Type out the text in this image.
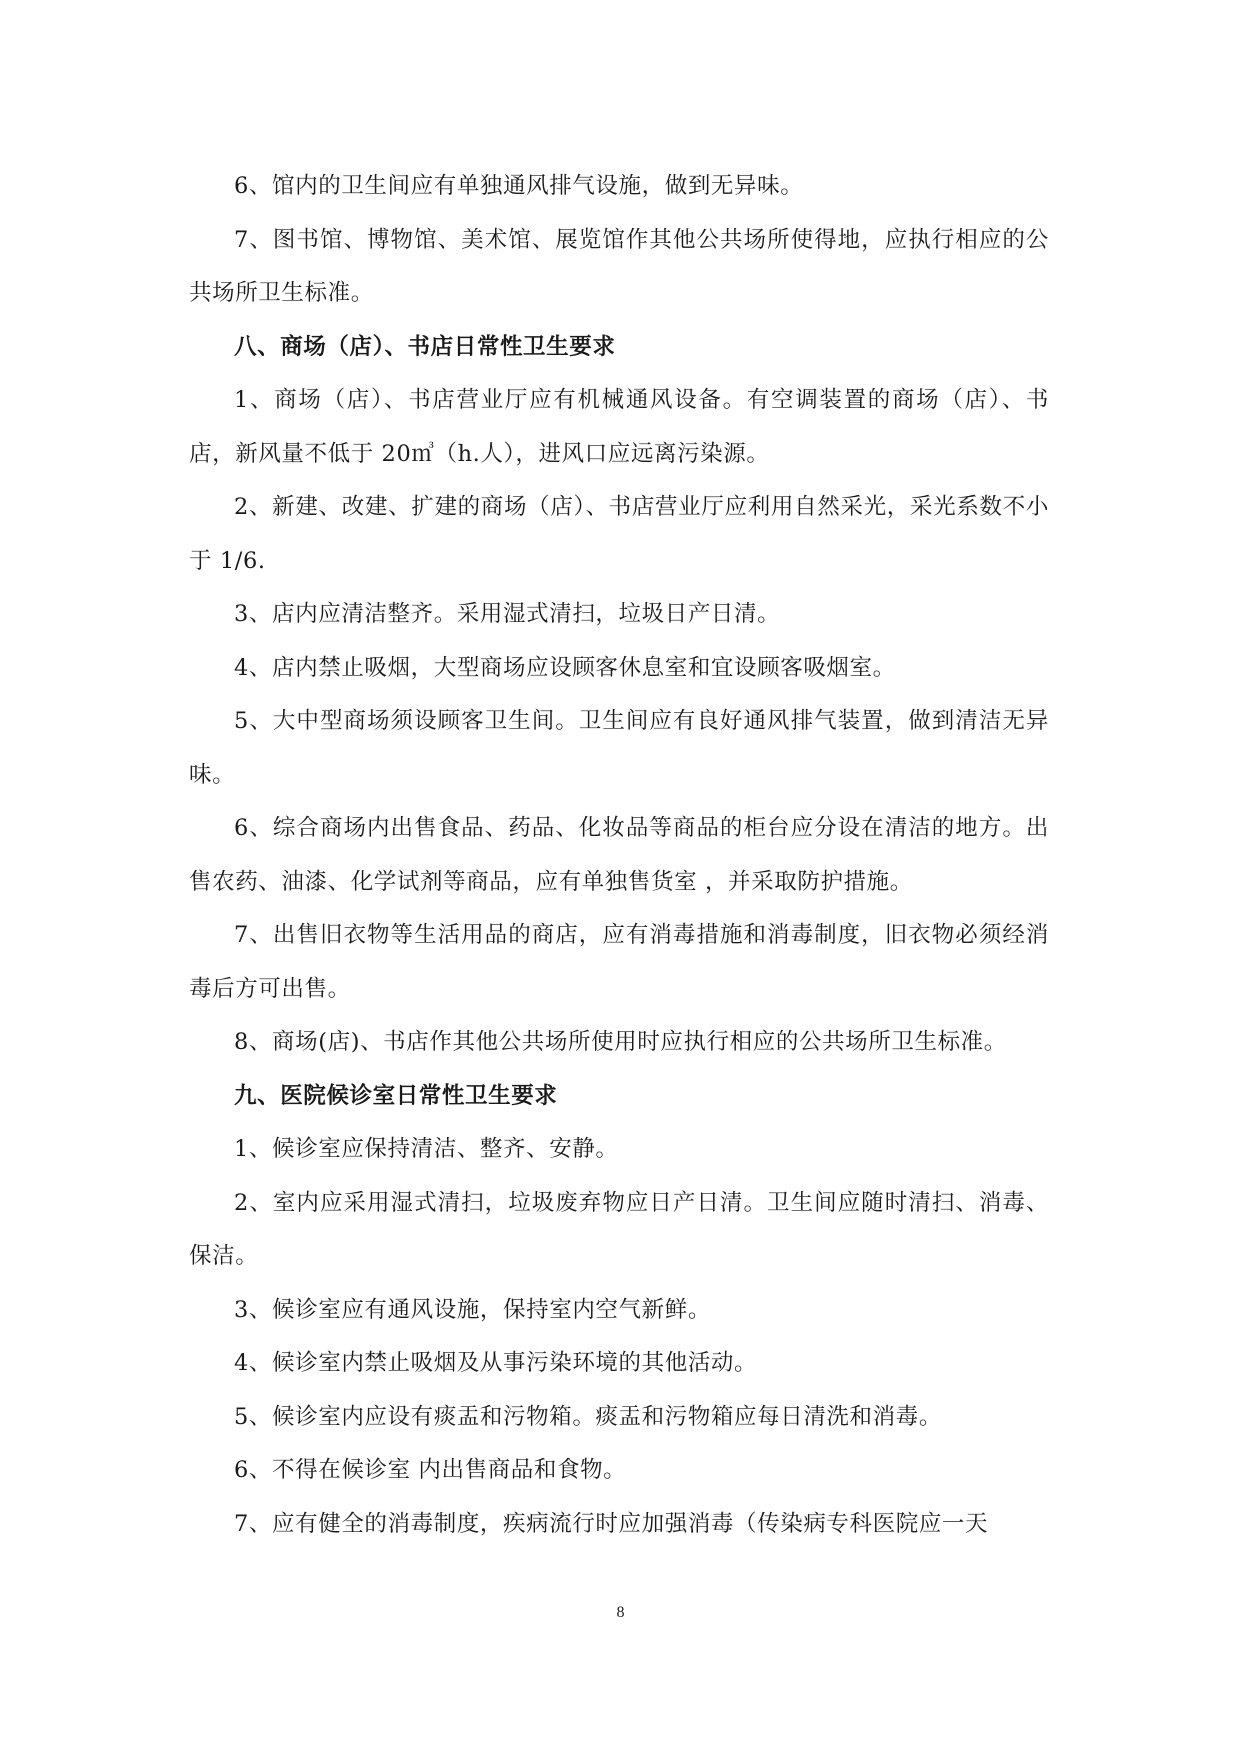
6、馆内的卫生间应有单独通风排气设施，做到无异味。

7、图书馆、博物馆、美术馆、展览馆作其他公共场所使得地，应执行相应的公共场所卫生标准。

八、商场（店）、书店日常性卫生要求

1、商场（店）、书店营业厅应有机械通风设备。有空调装置的商场（店）、书店，新风量不低于 20㎥（h.人），进风口应远离污染源。

2、新建、改建、扩建的商场（店）、书店营业厅应利用自然采光，采光系数不小于 1/6.

3、店内应清洁整齐。采用湿式清扫，垃圾日产日清。

4、店内禁止吸烟，大型商场应设顾客休息室和宜设顾客吸烟室。

5、大中型商场须设顾客卫生间。卫生间应有良好通风排气装置，做到清洁无异味。

6、综合商场内出售食品、药品、化妆品等商品的柜台应分设在清洁的地方。出售农药、油漆、化学试剂等商品，应有单独售货室 ，并采取防护措施。

7、出售旧衣物等生活用品的商店，应有消毒措施和消毒制度，旧衣物必须经消毒后方可出售。

8、商场(店)、书店作其他公共场所使用时应执行相应的公共场所卫生标准。

九、医院候诊室日常性卫生要求

1、候诊室应保持清洁、整齐、安静。

2、室内应采用湿式清扫，垃圾废弃物应日产日清。卫生间应随时清扫、消毒、保洁。

3、候诊室应有通风设施，保持室内空气新鲜。

4、候诊室内禁止吸烟及从事污染环境的其他活动。

5、候诊室内应设有痰盂和污物箱。痰盂和污物箱应每日清洗和消毒。

6、不得在候诊室 内出售商品和食物。

7、应有健全的消毒制度，疾病流行时应加强消毒（传染病专科医院应一天

8
